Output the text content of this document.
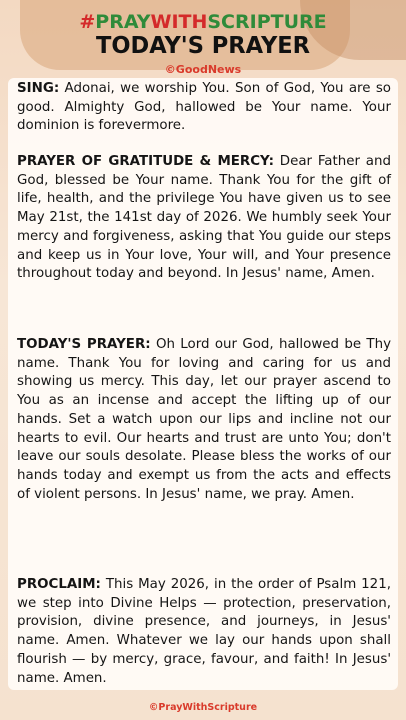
#PRAYWITHSCRIPTURE
TODAY'S PRAYER
©GoodNews
SING: Adonai, we worship You. Son of God, You are so good. Almighty God, hallowed be Your name. Your dominion is forevermore.
PRAYER OF GRATITUDE & MERCY: Dear Father and God, blessed be Your name. Thank You for the gift of life, health, and the privilege You have given us to see May 21st, the 141st day of 2026. We humbly seek Your mercy and forgiveness, asking that You guide our steps and keep us in Your love, Your will, and Your presence throughout today and beyond. In Jesus' name, Amen.
TODAY'S PRAYER: Oh Lord our God, hallowed be Thy name. Thank You for loving and caring for us and showing us mercy. This day, let our prayer ascend to You as an incense and accept the lifting up of our hands. Set a watch upon our lips and incline not our hearts to evil. Our hearts and trust are unto You; don't leave our souls desolate. Please bless the works of our hands today and exempt us from the acts and effects of violent persons. In Jesus' name, we pray. Amen.
PROCLAIM: This May 2026, in the order of Psalm 121, we step into Divine Helps — protection, preservation, provision, divine presence, and journeys, in Jesus' name. Amen. Whatever we lay our hands upon shall flourish — by mercy, grace, favour, and faith! In Jesus' name. Amen.
©PrayWithScripture
